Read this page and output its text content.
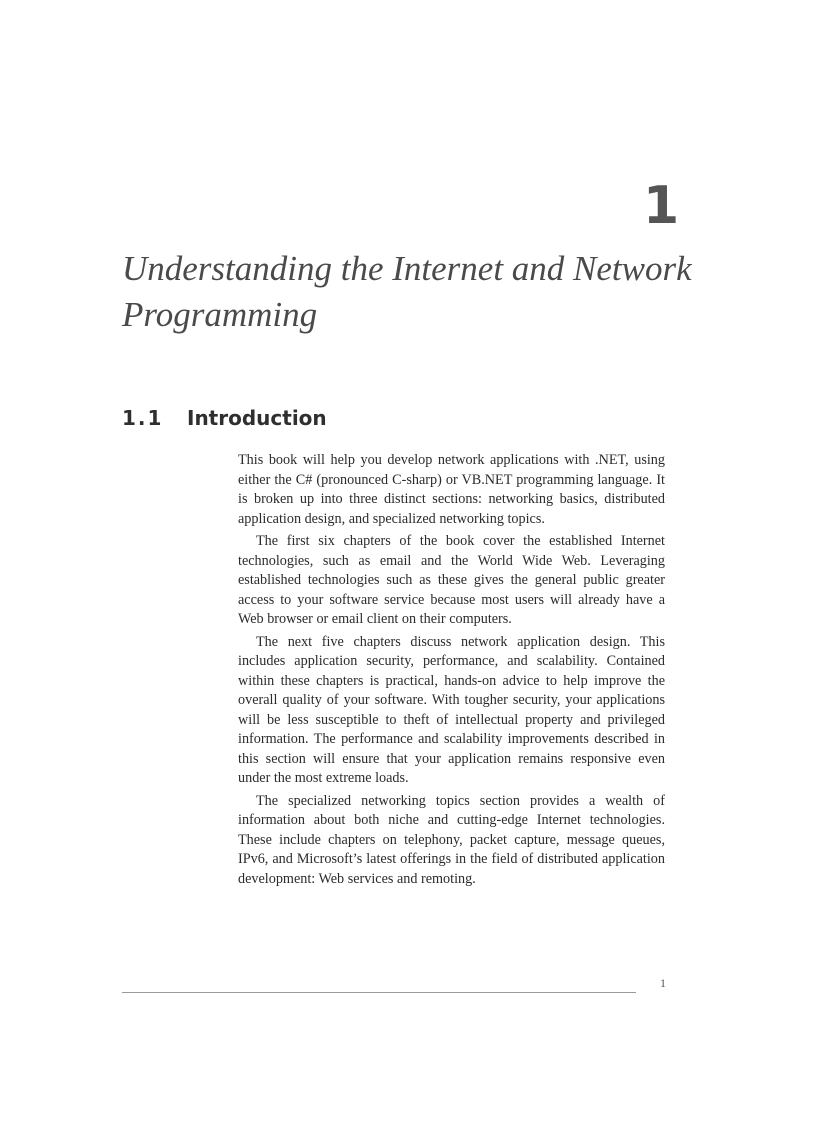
1
Understanding the Internet and Network Programming
1.1 Introduction

This book will help you develop network applications with .NET, using either the C# (pronounced C-sharp) or VB.NET programming language. It is broken up into three distinct sections: networking basics, distributed application design, and specialized networking topics.

The first six chapters of the book cover the established Internet technologies, such as email and the World Wide Web. Leveraging established technologies such as these gives the general public greater access to your software service because most users will already have a Web browser or email client on their computers.

The next five chapters discuss network application design. This includes application security, performance, and scalability. Contained within these chapters is practical, hands-on advice to help improve the overall quality of your software. With tougher security, your applications will be less susceptible to theft of intellectual property and privileged information. The performance and scalability improvements described in this section will ensure that your application remains responsive even under the most extreme loads.

The specialized networking topics section provides a wealth of information about both niche and cutting-edge Internet technologies. These include chapters on telephony, packet capture, message queues, IPv6, and Microsoft’s latest offerings in the field of distributed application development: Web services and remoting.

1
